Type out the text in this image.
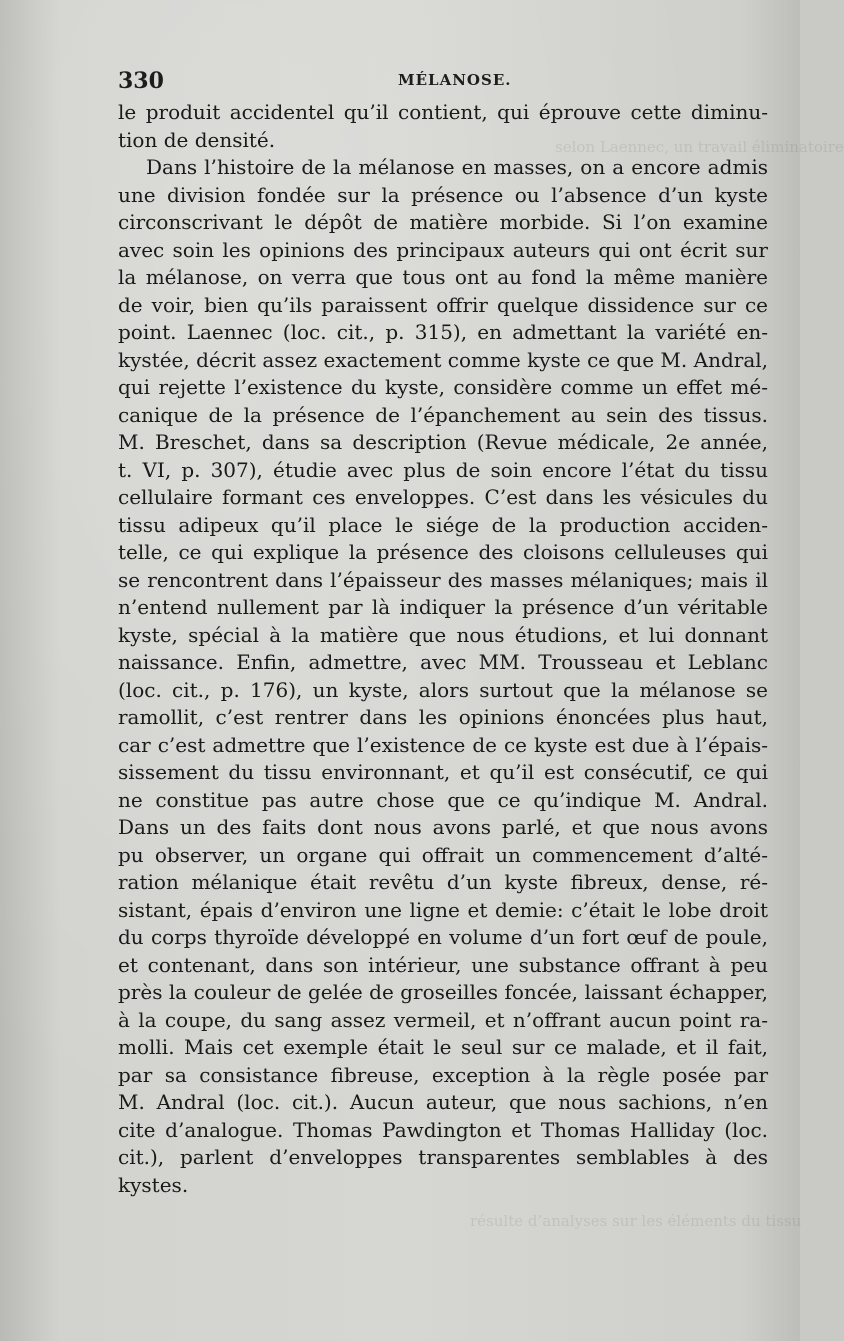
selon Laennec, un travail éliminatoire
résulte d’analyses sur les éléments du tissu
330	MÉLANOSE.
le produit accidentel qu’il contient, qui éprouve cette diminu-
tion de densité.
Dans l’histoire de la mélanose en masses, on a encore admis
une division fondée sur la présence ou l’absence d’un kyste
circonscrivant le dépôt de matière morbide. Si l’on examine
avec soin les opinions des principaux auteurs qui ont écrit sur
la mélanose, on verra que tous ont au fond la même manière
de voir, bien qu’ils paraissent offrir quelque dissidence sur ce
point. Laennec (loc. cit., p. 315), en admettant la variété en-
kystée, décrit assez exactement comme kyste ce que M. Andral,
qui rejette l’existence du kyste, considère comme un effet mé-
canique de la présence de l’épanchement au sein des tissus.
M. Breschet, dans sa description (Revue médicale, 2e année,
t. VI, p. 307), étudie avec plus de soin encore l’état du tissu
cellulaire formant ces enveloppes. C’est dans les vésicules du
tissu adipeux qu’il place le siége de la production acciden-
telle, ce qui explique la présence des cloisons celluleuses qui
se rencontrent dans l’épaisseur des masses mélaniques; mais il
n’entend nullement par là indiquer la présence d’un véritable
kyste, spécial à la matière que nous étudions, et lui donnant
naissance. Enfin, admettre, avec MM. Trousseau et Leblanc
(loc. cit., p. 176), un kyste, alors surtout que la mélanose se
ramollit, c’est rentrer dans les opinions énoncées plus haut,
car c’est admettre que l’existence de ce kyste est due à l’épais-
sissement du tissu environnant, et qu’il est consécutif, ce qui
ne constitue pas autre chose que ce qu’indique M. Andral.
Dans un des faits dont nous avons parlé, et que nous avons
pu observer, un organe qui offrait un commencement d’alté-
ration mélanique était revêtu d’un kyste fibreux, dense, ré-
sistant, épais d’environ une ligne et demie: c’était le lobe droit
du corps thyroïde développé en volume d’un fort œuf de poule,
et contenant, dans son intérieur, une substance offrant à peu
près la couleur de gelée de groseilles foncée, laissant échapper,
à la coupe, du sang assez vermeil, et n’offrant aucun point ra-
molli. Mais cet exemple était le seul sur ce malade, et il fait,
par sa consistance fibreuse, exception à la règle posée par
M. Andral (loc. cit.). Aucun auteur, que nous sachions, n’en
cite d’analogue. Thomas Pawdington et Thomas Halliday (loc.
cit.), parlent d’enveloppes transparentes semblables à des
kystes.
